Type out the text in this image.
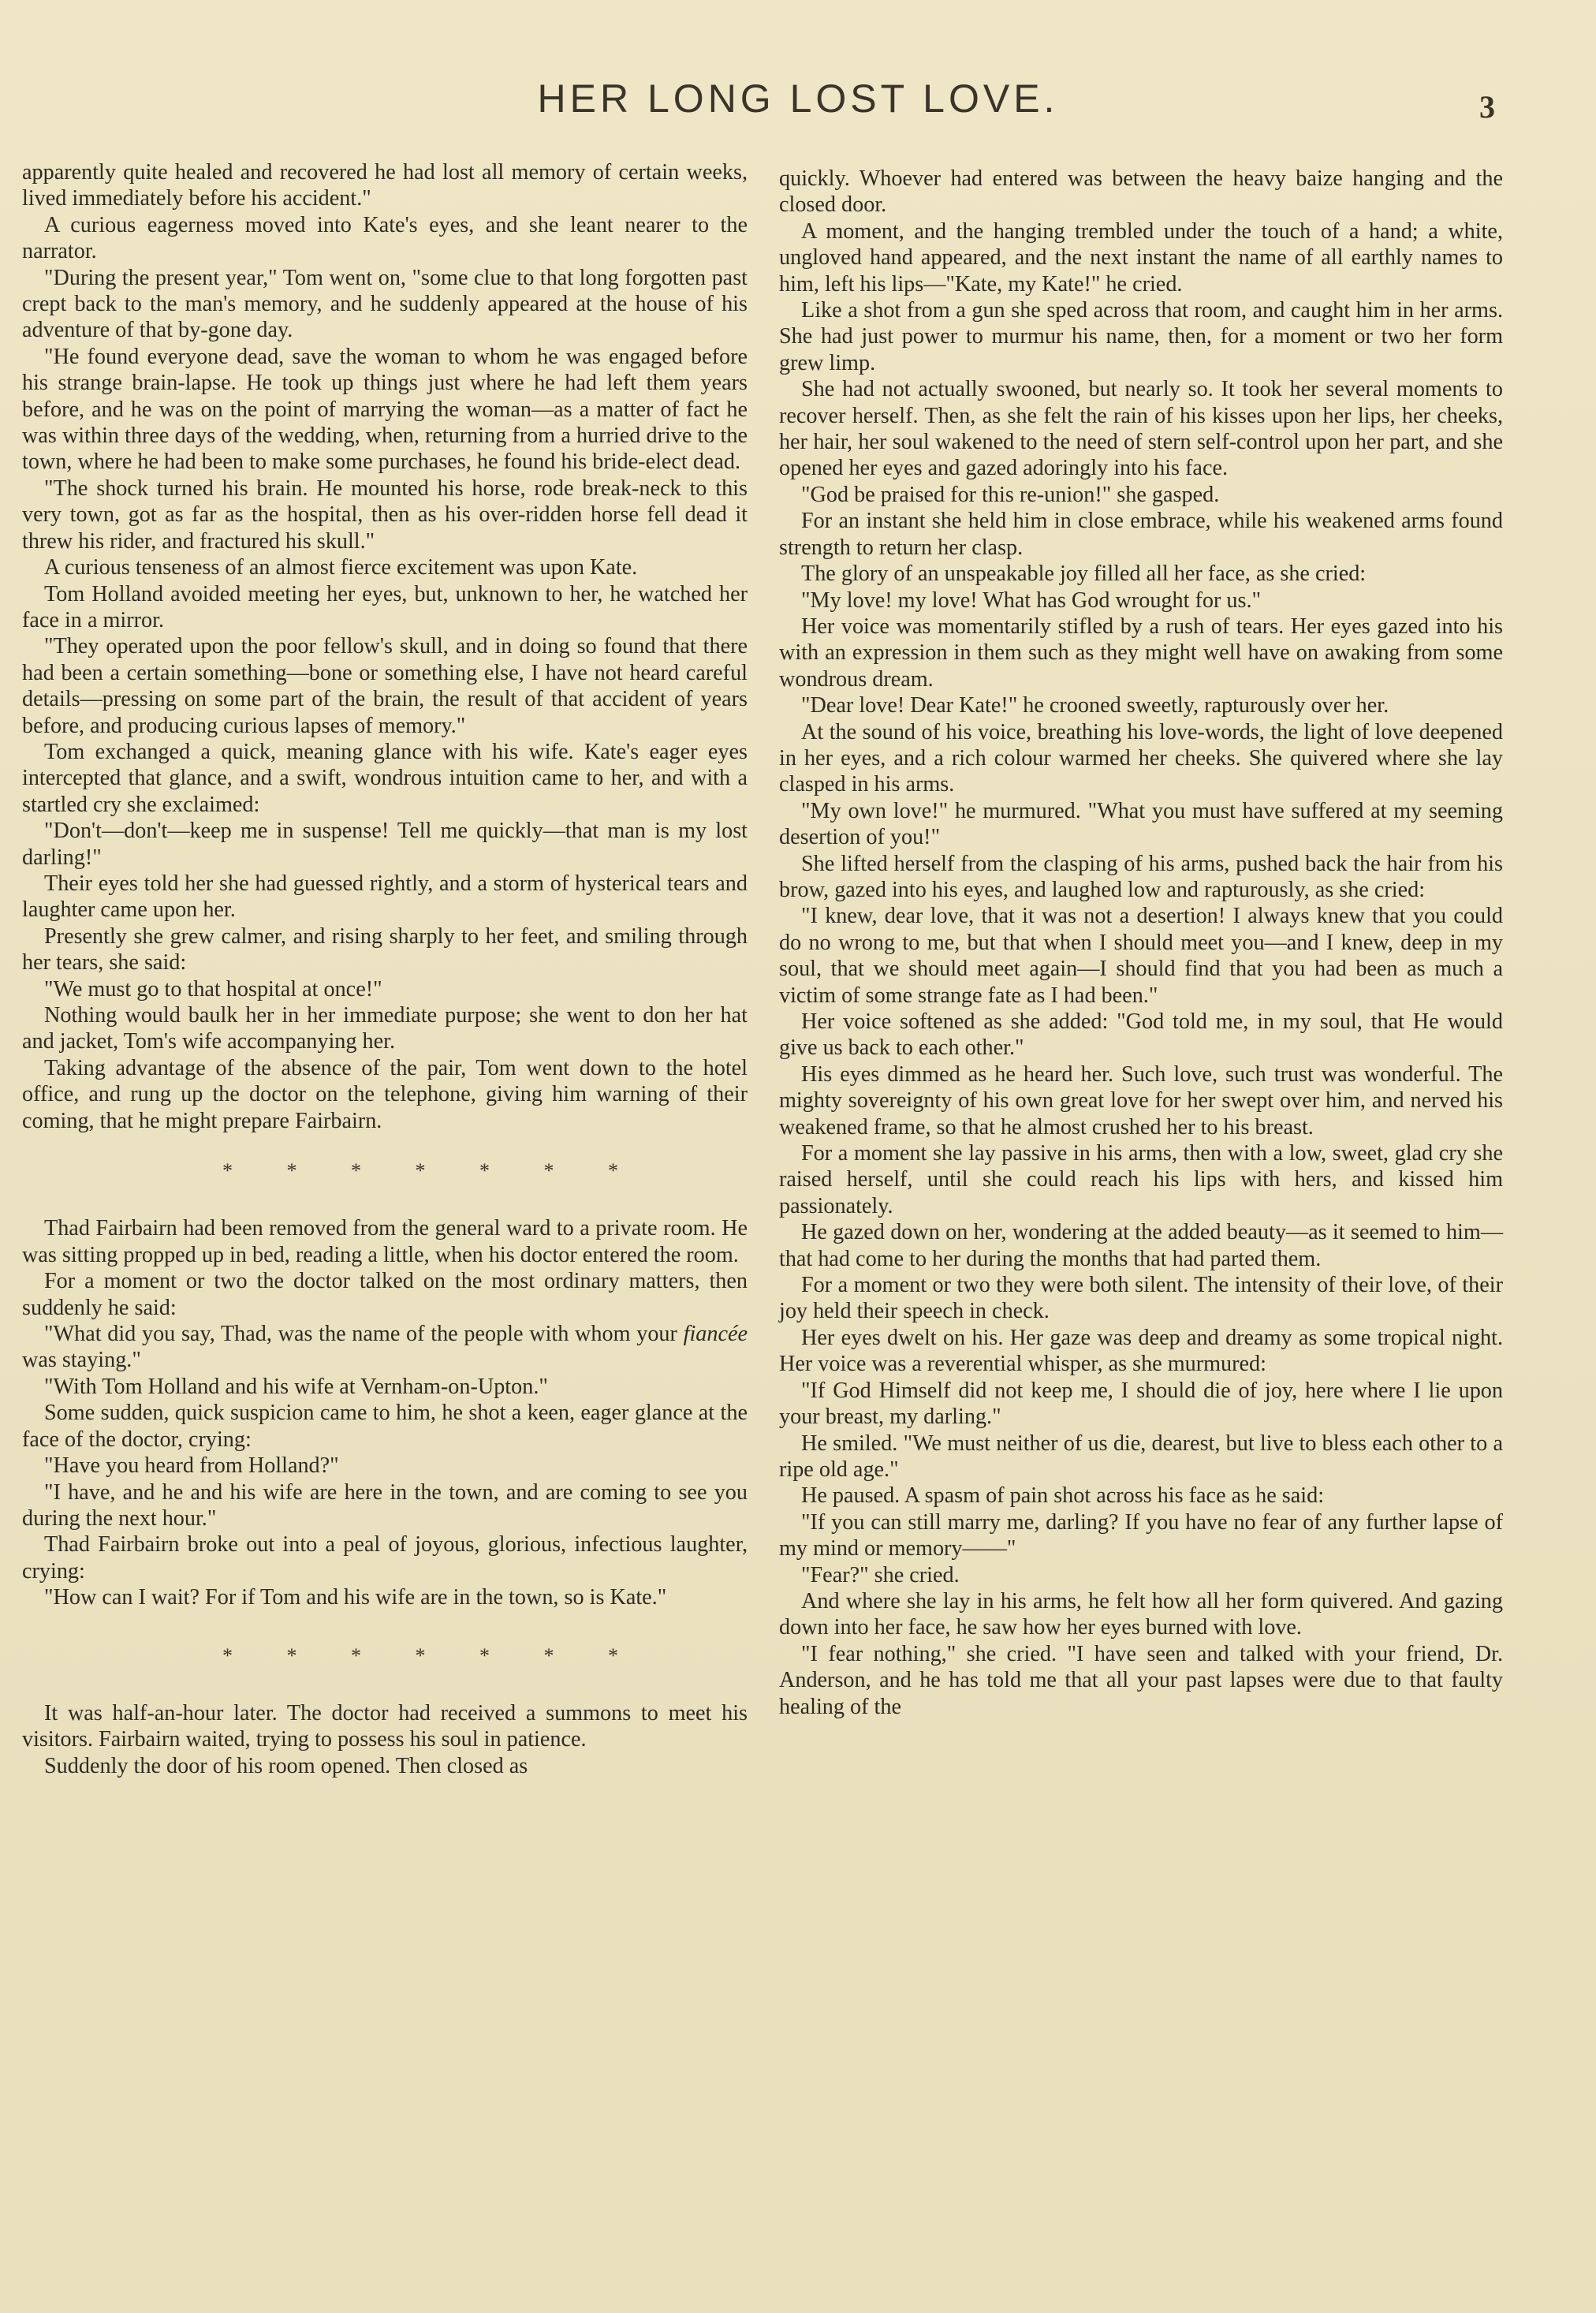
HER LONG LOST LOVE.	3

apparently quite healed and recovered he had lost all memory of certain weeks, lived immediately before his accident."

A curious eagerness moved into Kate's eyes, and she leant nearer to the narrator.

"During the present year," Tom went on, "some clue to that long forgotten past crept back to the man's memory, and he suddenly appeared at the house of his adventure of that by-gone day.

"He found everyone dead, save the woman to whom he was engaged before his strange brain-lapse. He took up things just where he had left them years before, and he was on the point of marrying the woman—as a matter of fact he was within three days of the wedding, when, returning from a hurried drive to the town, where he had been to make some purchases, he found his bride-elect dead.

"The shock turned his brain. He mounted his horse, rode break-neck to this very town, got as far as the hospital, then as his over-ridden horse fell dead it threw his rider, and fractured his skull."

A curious tenseness of an almost fierce excitement was upon Kate.

Tom Holland avoided meeting her eyes, but, unknown to her, he watched her face in a mirror.

"They operated upon the poor fellow's skull, and in doing so found that there had been a certain something—bone or something else, I have not heard careful details—pressing on some part of the brain, the result of that accident of years before, and producing curious lapses of memory."

Tom exchanged a quick, meaning glance with his wife. Kate's eager eyes intercepted that glance, and a swift, wondrous intuition came to her, and with a startled cry she exclaimed:

"Don't—don't—keep me in suspense! Tell me quickly—that man is my lost darling!"

Their eyes told her she had guessed rightly, and a storm of hysterical tears and laughter came upon her.

Presently she grew calmer, and rising sharply to her feet, and smiling through her tears, she said:

"We must go to that hospital at once!"

Nothing would baulk her in her immediate purpose; she went to don her hat and jacket, Tom's wife accompanying her.

Taking advantage of the absence of the pair, Tom went down to the hotel office, and rung up the doctor on the telephone, giving him warning of their coming, that he might prepare Fairbairn.

* * * * * * *

Thad Fairbairn had been removed from the general ward to a private room. He was sitting propped up in bed, reading a little, when his doctor entered the room.

For a moment or two the doctor talked on the most ordinary matters, then suddenly he said:

"What did you say, Thad, was the name of the people with whom your fiancée was staying."

"With Tom Holland and his wife at Vernham-on-Upton."

Some sudden, quick suspicion came to him, he shot a keen, eager glance at the face of the doctor, crying:

"Have you heard from Holland?"

"I have, and he and his wife are here in the town, and are coming to see you during the next hour."

Thad Fairbairn broke out into a peal of joyous, glorious, infectious laughter, crying:

"How can I wait? For if Tom and his wife are in the town, so is Kate."

* * * * * * *

It was half-an-hour later. The doctor had received a summons to meet his visitors. Fairbairn waited, trying to possess his soul in patience.

Suddenly the door of his room opened. Then closed as

quickly. Whoever had entered was between the heavy baize hanging and the closed door.

A moment, and the hanging trembled under the touch of a hand; a white, ungloved hand appeared, and the next instant the name of all earthly names to him, left his lips—"Kate, my Kate!" he cried.

Like a shot from a gun she sped across that room, and caught him in her arms. She had just power to murmur his name, then, for a moment or two her form grew limp.

She had not actually swooned, but nearly so. It took her several moments to recover herself. Then, as she felt the rain of his kisses upon her lips, her cheeks, her hair, her soul wakened to the need of stern self-control upon her part, and she opened her eyes and gazed adoringly into his face.

"God be praised for this re-union!" she gasped.

For an instant she held him in close embrace, while his weakened arms found strength to return her clasp.

The glory of an unspeakable joy filled all her face, as she cried:

"My love! my love! What has God wrought for us."

Her voice was momentarily stifled by a rush of tears. Her eyes gazed into his with an expression in them such as they might well have on awaking from some wondrous dream.

"Dear love! Dear Kate!" he crooned sweetly, rapturously over her.

At the sound of his voice, breathing his love-words, the light of love deepened in her eyes, and a rich colour warmed her cheeks. She quivered where she lay clasped in his arms.

"My own love!" he murmured. "What you must have suffered at my seeming desertion of you!"

She lifted herself from the clasping of his arms, pushed back the hair from his brow, gazed into his eyes, and laughed low and rapturously, as she cried:

"I knew, dear love, that it was not a desertion! I always knew that you could do no wrong to me, but that when I should meet you—and I knew, deep in my soul, that we should meet again—I should find that you had been as much a victim of some strange fate as I had been."

Her voice softened as she added: "God told me, in my soul, that He would give us back to each other."

His eyes dimmed as he heard her. Such love, such trust was wonderful. The mighty sovereignty of his own great love for her swept over him, and nerved his weakened frame, so that he almost crushed her to his breast.

For a moment she lay passive in his arms, then with a low, sweet, glad cry she raised herself, until she could reach his lips with hers, and kissed him passionately.

He gazed down on her, wondering at the added beauty—as it seemed to him—that had come to her during the months that had parted them.

For a moment or two they were both silent. The intensity of their love, of their joy held their speech in check.

Her eyes dwelt on his. Her gaze was deep and dreamy as some tropical night. Her voice was a reverential whisper, as she murmured:

"If God Himself did not keep me, I should die of joy, here where I lie upon your breast, my darling."

He smiled. "We must neither of us die, dearest, but live to bless each other to a ripe old age."

He paused. A spasm of pain shot across his face as he said:

"If you can still marry me, darling? If you have no fear of any further lapse of my mind or memory——"

"Fear?" she cried.

And where she lay in his arms, he felt how all her form quivered. And gazing down into her face, he saw how her eyes burned with love.

"I fear nothing," she cried. "I have seen and talked with your friend, Dr. Anderson, and he has told me that all your past lapses were due to that faulty healing of the
